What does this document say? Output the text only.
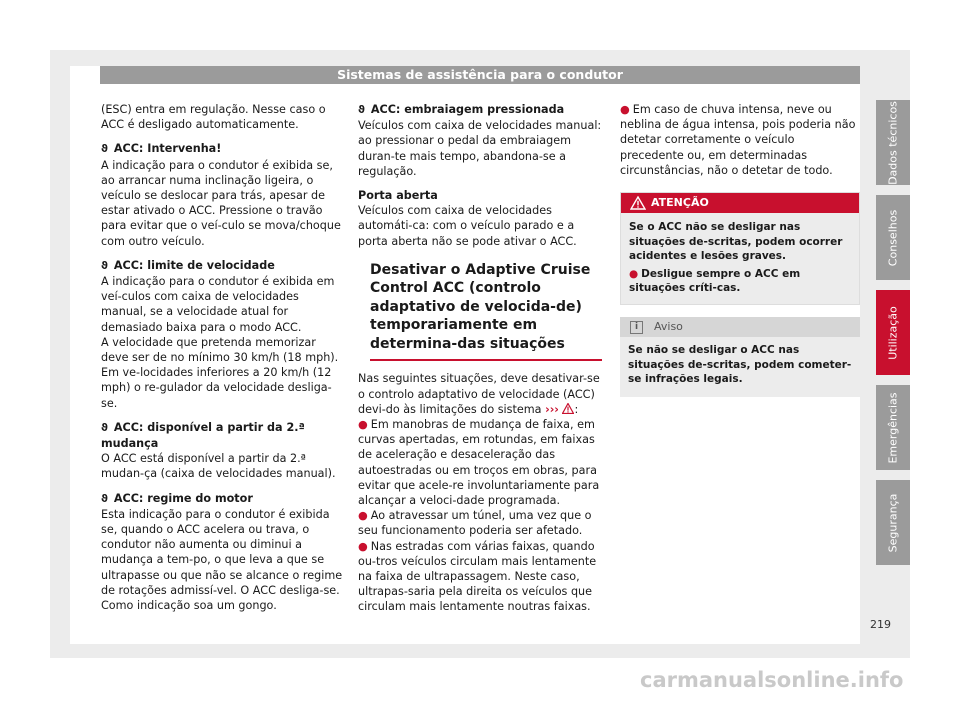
Sistemas de assistência para o condutor

(ESC) entra em regulação. Nesse caso o ACC é desligado automaticamente.

ϑ ACC: Intervenha!

A indicação para o condutor é exibida se, ao arrancar numa inclinação ligeira, o veículo se deslocar para trás, apesar de estar ativado o ACC. Pressione o travão para evitar que o veí-culo se mova/choque com outro veículo.

ϑ ACC: limite de velocidade

A indicação para o condutor é exibida em veí-culos com caixa de velocidades manual, se a velocidade atual for demasiado baixa para o modo ACC.

A velocidade que pretenda memorizar deve ser de no mínimo 30 km/h (18 mph). Em ve-locidades inferiores a 20 km/h (12 mph) o re-gulador da velocidade desliga-se.

ϑ ACC: disponível a partir da 2.ª mudança

O ACC está disponível a partir da 2.ª mudan-ça (caixa de velocidades manual).

ϑ ACC: regime do motor

Esta indicação para o condutor é exibida se, quando o ACC acelera ou trava, o condutor não aumenta ou diminui a mudança a tem-po, o que leva a que se ultrapasse ou que não se alcance o regime de rotações admissí-vel. O ACC desliga-se. Como indicação soa um gongo.

ϑ ACC: embraiagem pressionada

Veículos com caixa de velocidades manual: ao pressionar o pedal da embraiagem duran-te mais tempo, abandona-se a regulação.

Porta aberta

Veículos com caixa de velocidades automáti-ca: com o veículo parado e a porta aberta não se pode ativar o ACC.

Desativar o Adaptive Cruise Control ACC (controlo adaptativo de velocida-de) temporariamente em determina-das situações

Nas seguintes situações, deve desativar-se o controlo adaptativo de velocidade (ACC) devi-do às limitações do sistema ››› :

● Em manobras de mudança de faixa, em curvas apertadas, em rotundas, em faixas de aceleração e desaceleração das autoestradas ou em troços em obras, para evitar que acele-re involuntariamente para alcançar a veloci-dade programada.

● Ao atravessar um túnel, uma vez que o seu funcionamento poderia ser afetado.

● Nas estradas com várias faixas, quando ou-tros veículos circulam mais lentamente na faixa de ultrapassagem. Neste caso, ultrapas-saria pela direita os veículos que circulam mais lentamente noutras faixas.

● Em caso de chuva intensa, neve ou neblina de água intensa, pois poderia não detetar corretamente o veículo precedente ou, em determinadas circunstâncias, não o detetar de todo.

ATENÇÃO

Se o ACC não se desligar nas situações de-scritas, podem ocorrer acidentes e lesões graves.

● Desligue sempre o ACC em situações críti-cas.

i	Aviso
Se não se desligar o ACC nas situações de-scritas, podem cometer-se infrações legais.
Dados técnicos
Conselhos
Utilização
Emergências
Segurança
219
carmanualsonline.info
